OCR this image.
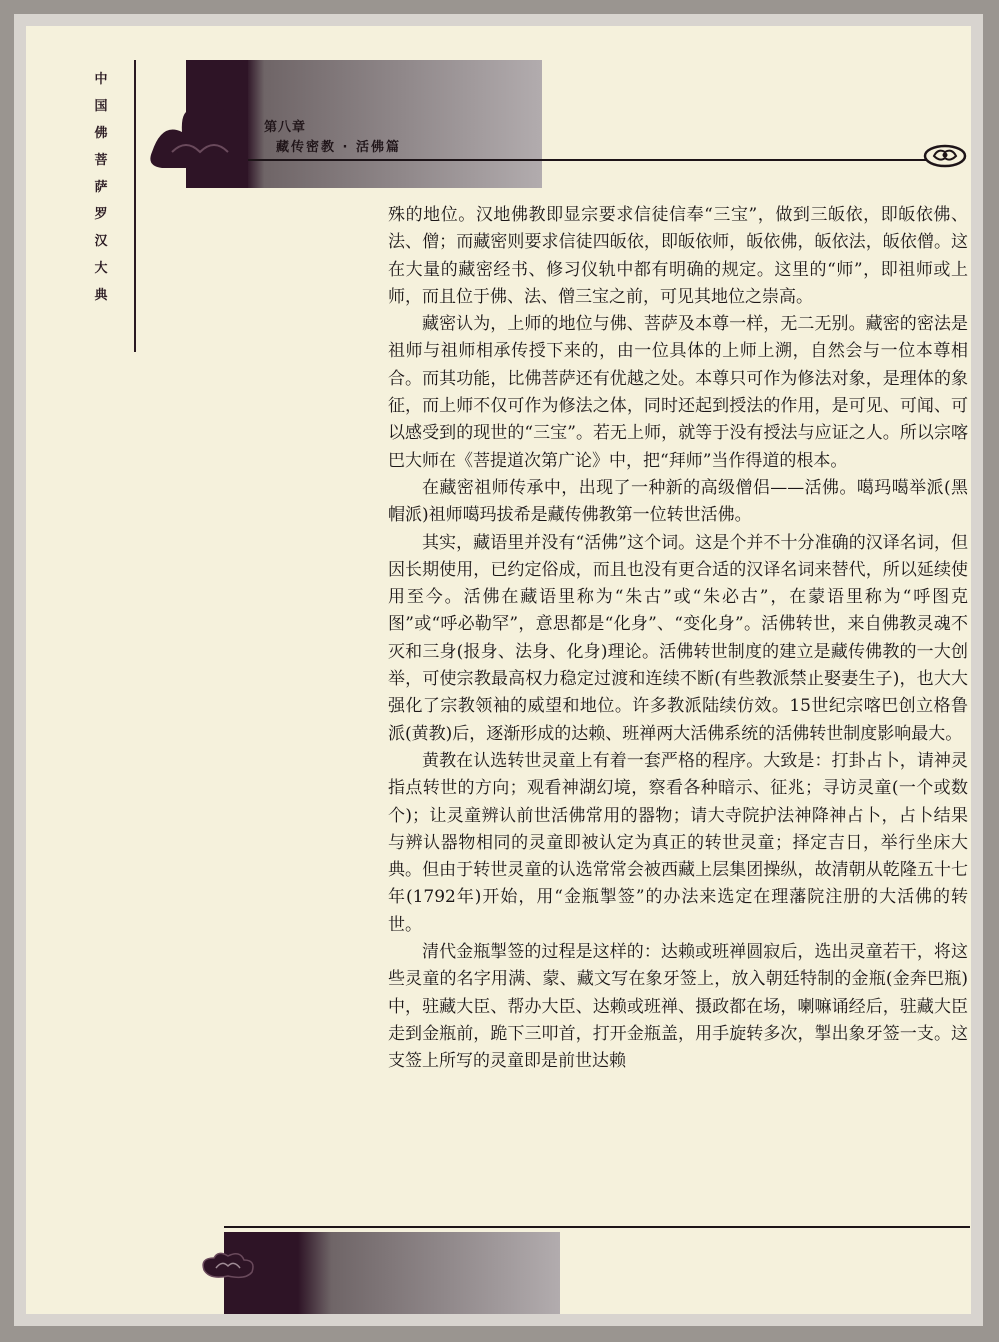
中
国
佛
菩
萨
罗
汉
大
典
第八章
藏传密教 · 活佛篇

殊的地位。汉地佛教即显宗要求信徒信奉“三宝”，做到三皈依，即皈依佛、法、僧；而藏密则要求信徒四皈依，即皈依师，皈依佛，皈依法，皈依僧。这在大量的藏密经书、修习仪轨中都有明确的规定。这里的“师”，即祖师或上师，而且位于佛、法、僧三宝之前，可见其地位之崇高。

藏密认为，上师的地位与佛、菩萨及本尊一样，无二无别。藏密的密法是祖师与祖师相承传授下来的，由一位具体的上师上溯，自然会与一位本尊相合。而其功能，比佛菩萨还有优越之处。本尊只可作为修法对象，是理体的象征，而上师不仅可作为修法之体，同时还起到授法的作用，是可见、可闻、可以感受到的现世的“三宝”。若无上师，就等于没有授法与应证之人。所以宗喀巴大师在《菩提道次第广论》中，把“拜师”当作得道的根本。

在藏密祖师传承中，出现了一种新的高级僧侣——活佛。噶玛噶举派(黑帽派)祖师噶玛拔希是藏传佛教第一位转世活佛。

其实，藏语里并没有“活佛”这个词。这是个并不十分准确的汉译名词，但因长期使用，已约定俗成，而且也没有更合适的汉译名词来替代，所以延续使用至今。活佛在藏语里称为“朱古”或“朱必古”，在蒙语里称为“呼图克图”或“呼必勒罕”，意思都是“化身”、“变化身”。活佛转世，来自佛教灵魂不灭和三身(报身、法身、化身)理论。活佛转世制度的建立是藏传佛教的一大创举，可使宗教最高权力稳定过渡和连续不断(有些教派禁止娶妻生子)，也大大强化了宗教领袖的威望和地位。许多教派陆续仿效。15世纪宗喀巴创立格鲁派(黄教)后，逐渐形成的达赖、班禅两大活佛系统的活佛转世制度影响最大。

黄教在认选转世灵童上有着一套严格的程序。大致是：打卦占卜，请神灵指点转世的方向；观看神湖幻境，察看各种暗示、征兆；寻访灵童(一个或数个)；让灵童辨认前世活佛常用的器物；请大寺院护法神降神占卜，占卜结果与辨认器物相同的灵童即被认定为真正的转世灵童；择定吉日，举行坐床大典。但由于转世灵童的认选常常会被西藏上层集团操纵，故清朝从乾隆五十七年(1792年)开始，用“金瓶掣签”的办法来选定在理藩院注册的大活佛的转世。

清代金瓶掣签的过程是这样的：达赖或班禅圆寂后，选出灵童若干，将这些灵童的名字用满、蒙、藏文写在象牙签上，放入朝廷特制的金瓶(金奔巴瓶)中，驻藏大臣、帮办大臣、达赖或班禅、摄政都在场，喇嘛诵经后，驻藏大臣走到金瓶前，跪下三叩首，打开金瓶盖，用手旋转多次，掣出象牙签一支。这支签上所写的灵童即是前世达赖
